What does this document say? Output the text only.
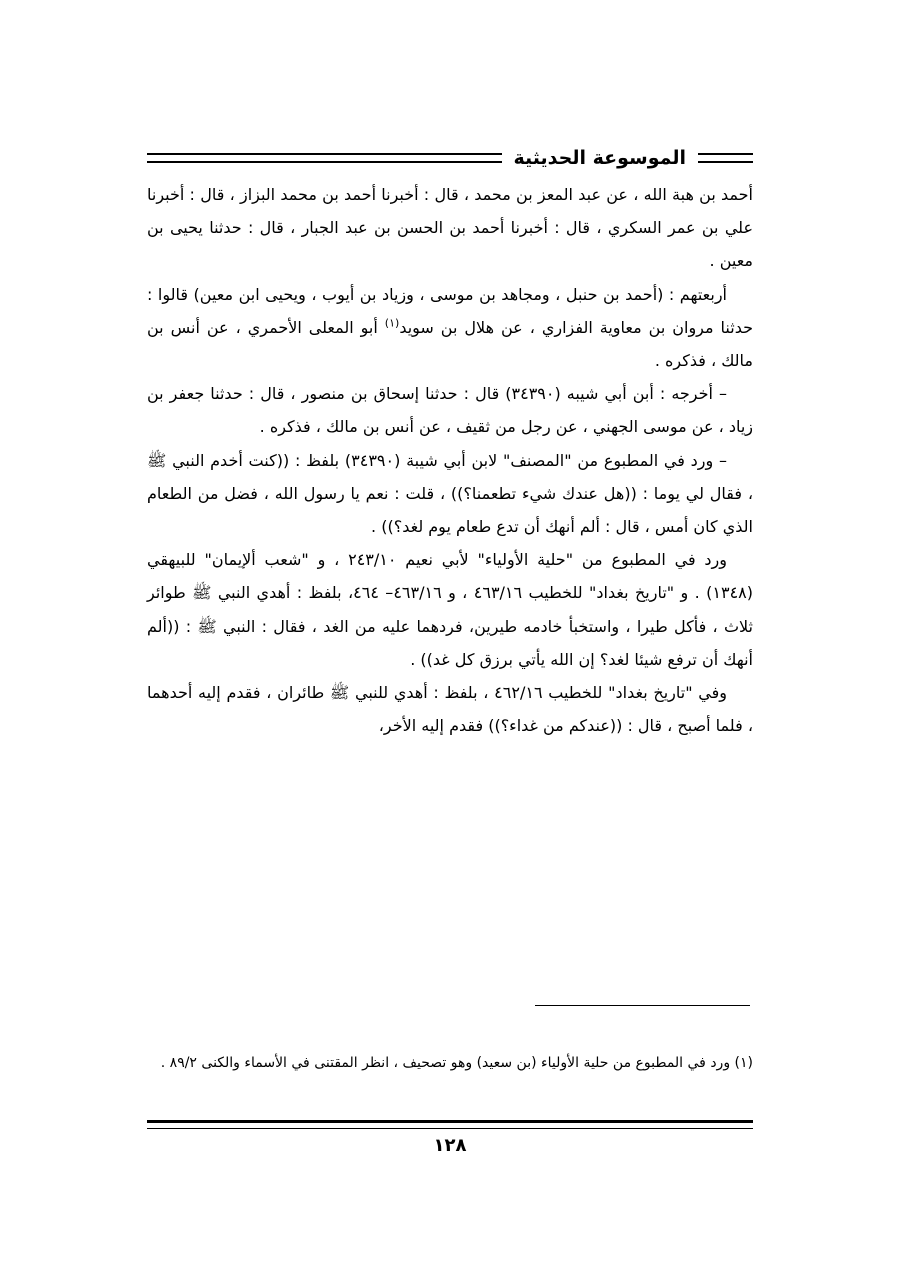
الموسوعة الحديثية

أحمد بن هبة الله ، عن عبد المعز بن محمد ، قال : أخبرنا أحمد بن محمد البزاز ، قال : أخبرنا علي بن عمر السكري ، قال : أخبرنا أحمد بن الحسن بن عبد الجبار ، قال : حدثنا يحيى بن معين .

أربعتهم : (أحمد بن حنبل ، ومجاهد بن موسى ، وزياد بن أيوب ، ويحيى ابن معين) قالوا : حدثنا مروان بن معاوية الفزاري ، عن هلال بن سويد$^{(١)}$ أبو المعلى الأحمري ، عن أنس بن مالك ، فذكره .

– أخرجه : أبن أبي شيبه (٣٤٣٩٠) قال : حدثنا إسحاق بن منصور ، قال : حدثنا جعفر بن زياد ، عن موسى الجهني ، عن رجل من ثقيف ، عن أنس بن مالك ، فذكره .

– ورد في المطبوع من "المصنف" لابن أبي شيبة (٣٤٣٩٠) بلفظ : ((كنت أخدم النبي ﷺ ، فقال لي يوما : ((هل عندك شيء تطعمنا؟)) ، قلت : نعم يا رسول الله ، فضل من الطعام الذي كان أمس ، قال : ألم أنهك أن تدع طعام يوم لغد؟)) .

ورد في المطبوع من "حلية الأولياء" لأبي نعيم ٢٤٣/١٠ ، و "شعب ألإيمان" للبيهقي (١٣٤٨) . و "تاريخ بغداد" للخطيب ٤٦٣/١٦ ، و ٤٦٣/١٦– ٤٦٤، بلفظ : أهدي النبي ﷺ طوائر ثلاث ، فأكل طيرا ، واستخبأ خادمه طيرين، فردهما عليه من الغد ، فقال : النبي ﷺ : ((ألم أنهك أن ترفع شيئا لغد؟ إن الله يأتي برزق كل غد)) .

وفي "تاريخ بغداد" للخطيب ٤٦٢/١٦ ، بلفظ : أهدي للنبي ﷺ طائران ، فقدم إليه أحدهما ، فلما أصبح ، قال : ((عندكم من غداء؟)) فقدم إليه الأخر،

(١) ورد في المطبوع من حلية الأولياء (بن سعيد) وهو تصحيف ، انظر المقتنى في الأسماء والكنى ٨٩/٢ .
١٢٨
